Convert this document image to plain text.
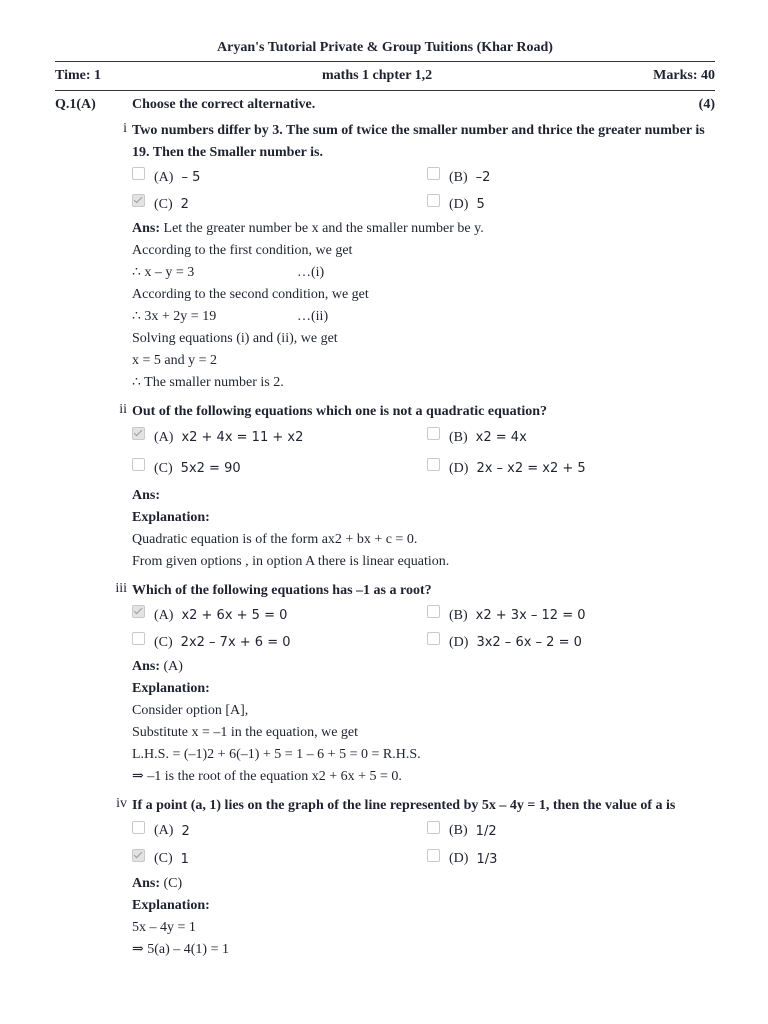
Aryan's Tutorial Private & Group Tuitions (Khar Road)
Time: 1	maths 1 chpter 1,2	Marks: 40
Q.1(A)	Choose the correct alternative.	(4)
i Two numbers differ by 3. The sum of twice the smaller number and thrice the greater number is 19. Then the Smaller number is.
(A) – 5	(B) –2
(C) 2	(D) 5
Ans: Let the greater number be x and the smaller number be y.
According to the first condition, we get
∴ x – y = 3	…(i)
According to the second condition, we get
∴ 3x + 2y = 19	…(ii)
Solving equations (i) and (ii), we get
x = 5 and y = 2
∴ The smaller number is 2.
ii Out of the following equations which one is not a quadratic equation?
(A) x2 + 4x = 11 + x2	(B) x2 = 4x
(C) 5x2 = 90	(D) 2x – x2 = x2 + 5
Ans:
Explanation:
Quadratic equation is of the form ax2 + bx + c = 0.
From given options , in option A there is linear equation.
iii Which of the following equations has –1 as a root?
(A) x2 + 6x + 5 = 0	(B) x2 + 3x – 12 = 0
(C) 2x2 – 7x + 6 = 0	(D) 3x2 – 6x – 2 = 0
Ans: (A)
Explanation:
Consider option [A],
Substitute x = –1 in the equation, we get
L.H.S. = (–1)2 + 6(–1) + 5 = 1 – 6 + 5 = 0 = R.H.S.
⇒ –1 is the root of the equation x2 + 6x + 5 = 0.
iv If a point (a, 1) lies on the graph of the line represented by 5x – 4y = 1, then the value of a is
(A) 2	(B) 1/2
(C) 1	(D) 1/3
Ans: (C)
Explanation:
5x – 4y = 1
⇒ 5(a) – 4(1) = 1
